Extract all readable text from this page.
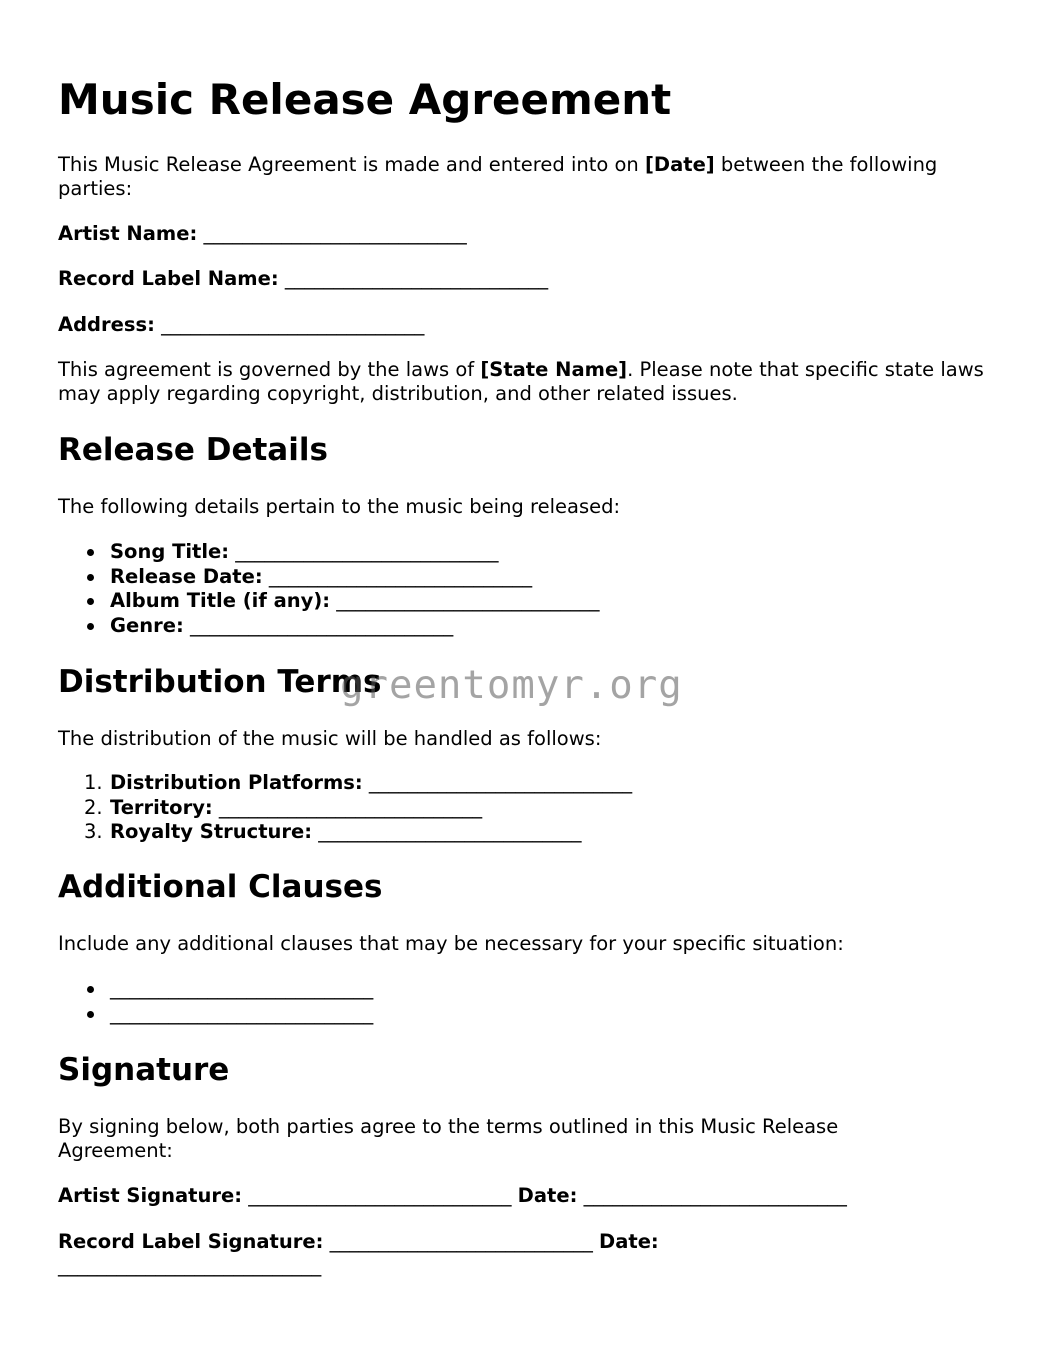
Music Release Agreement

This Music Release Agreement is made and entered into on [Date] between the following parties:

Artist Name: ___________________________
Record Label Name: ___________________________
Address: ___________________________

This agreement is governed by the laws of [State Name]. Please note that specific state laws may apply regarding copyright, distribution, and other related issues.

Release Details

The following details pertain to the music being released:

Song Title: ___________________________
Release Date: ___________________________
Album Title (if any): ___________________________
Genre: ___________________________
Distribution Terms

The distribution of the music will be handled as follows:

1. Distribution Platforms: ___________________________
2. Territory: ___________________________
3. Royalty Structure: ___________________________
Additional Clauses

Include any additional clauses that may be necessary for your specific situation:

___________________________
___________________________
Signature

By signing below, both parties agree to the terms outlined in this Music Release Agreement:

Artist Signature: ___________________________ Date: ___________________________
Record Label Signature: ___________________________ Date: ___________________________
greentomyr.org
